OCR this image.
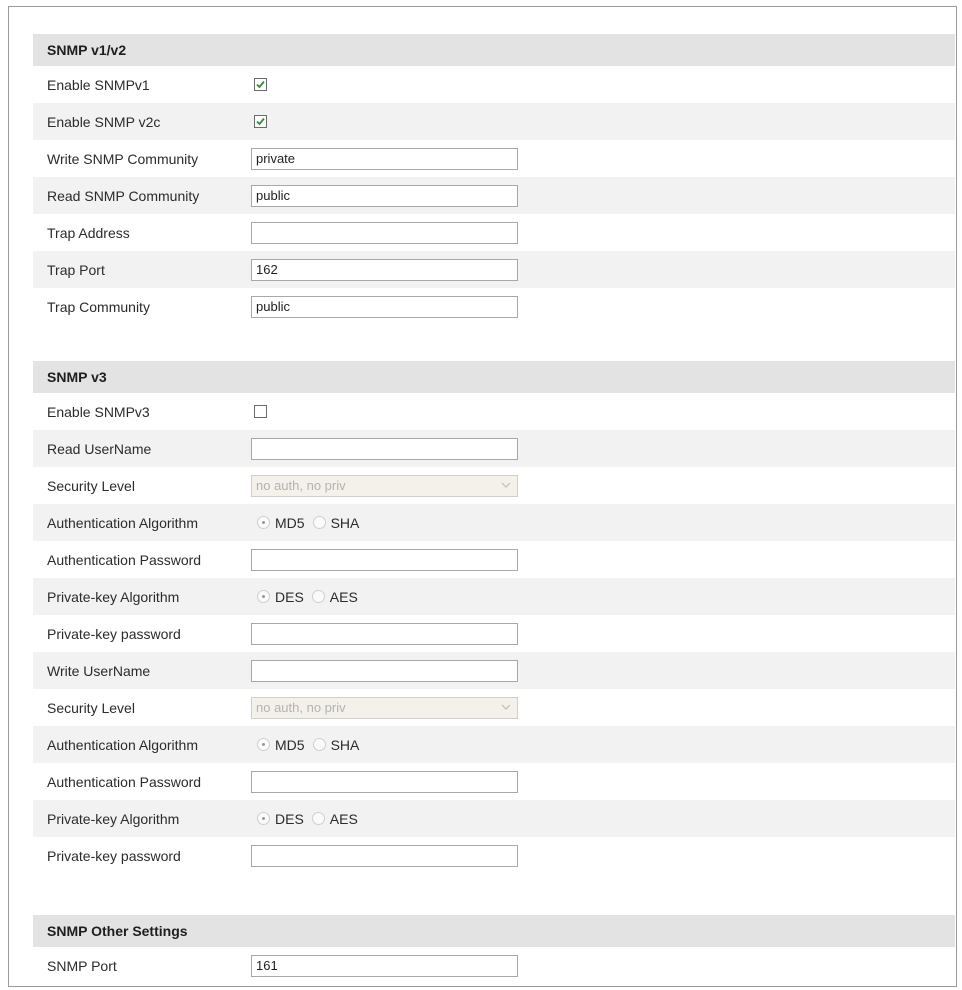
SNMP v1/v2
Enable SNMPv1
Enable SNMP v2c
Write SNMP Community	private
Read SNMP Community	public
Trap Address
Trap Port	162
Trap Community	public
SNMP v3
Enable SNMPv3
Read UserName
Security Level	no auth, no priv
Authentication Algorithm	MD5 SHA
Authentication Password
Private-key Algorithm	DES AES
Private-key password
Write UserName
Security Level	no auth, no priv
Authentication Algorithm	MD5 SHA
Authentication Password
Private-key Algorithm	DES AES
Private-key password
SNMP Other Settings
SNMP Port	161
